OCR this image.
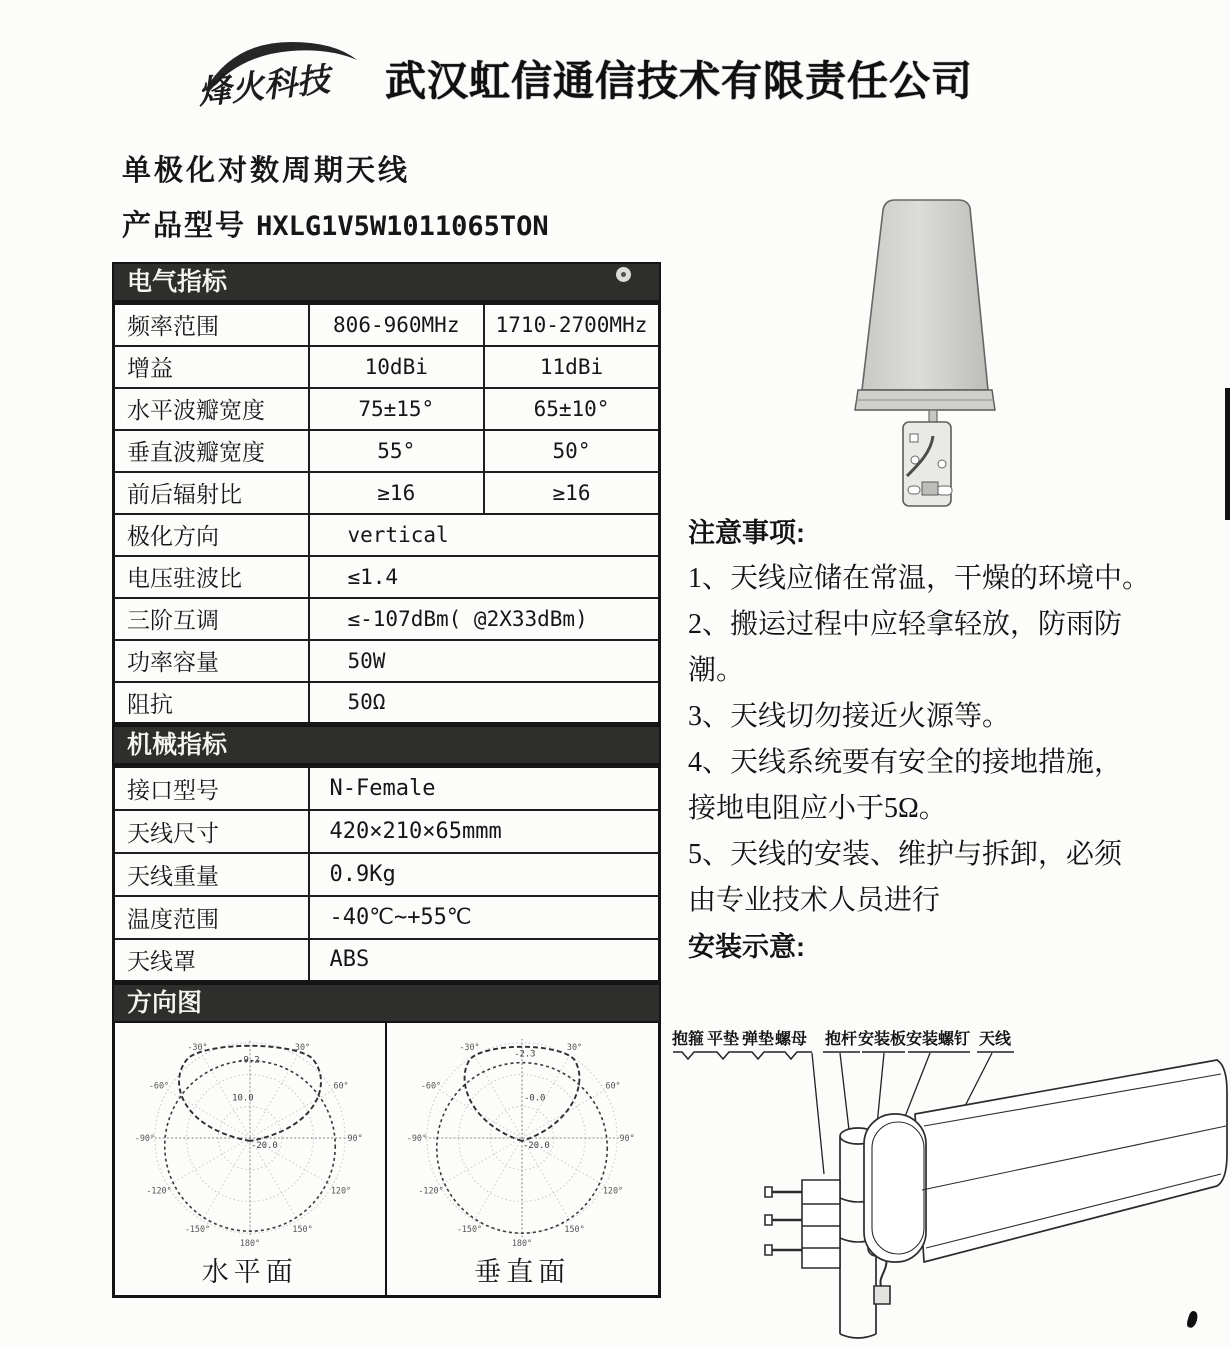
烽火科技 武汉虹信通信技术有限责任公司
单极化对数周期天线
产品型号 HXLG1V5W1011065TON
电气指标
频率范围	806-960MHz	1710-2700MHz
增益	10dBi	11dBi
水平波瓣宽度	75±15°	65±10°
垂直波瓣宽度	55°	50°
前后辐射比	≥16	≥16
极化方向	vertical	
电压驻波比	≤1.4	
三阶互调	≤-107dBm( @2X33dBm)	
功率容量	50W	
阻抗	50Ω	
机械指标
接口型号	N-Female
天线尺寸	420×210×65mmm
天线重量	0.9Kg
温度范围	-40℃~+55℃
天线罩	ABS
方向图
-9.2
10.0
-20.0
-30°	30°
-60°	60°
-90°	90°
-120°	120°
-150°	150°
180°
水平面
-2.3
-0.0
-20.0
-30°	30°
-60°	60°
-90°	90°
-120°	120°
-150°	150°
180°
垂直面
注意事项:
1、天线应储在常温，干燥的环境中。
2、搬运过程中应轻拿轻放，防雨防
潮。
3、天线切勿接近火源等。
4、天线系统要有安全的接地措施，
接地电阻应小于5Ω。
5、天线的安装、维护与拆卸，必须
由专业技术人员进行
安装示意:
抱箍 平垫 弹垫 螺母 抱杆 安装板 安装螺钉 天线
